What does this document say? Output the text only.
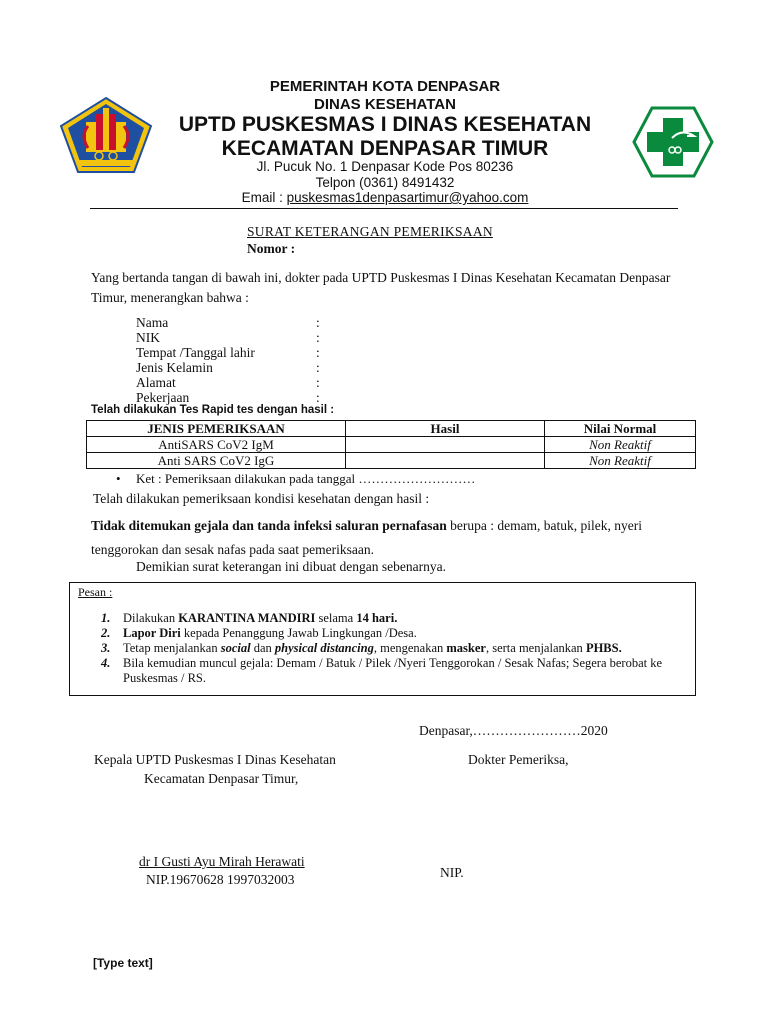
PEMERINTAH KOTA DENPASAR
DINAS KESEHATAN
UPTD PUSKESMAS I DINAS KESEHATAN
KECAMATAN DENPASAR TIMUR
Jl. Pucuk No. 1 Denpasar Kode Pos 80236
Telpon (0361) 8491432
Email : puskesmas1denpasartimur@yahoo.com
SURAT KETERANGAN PEMERIKSAAN
Nomor :
Yang bertanda tangan di bawah ini, dokter pada UPTD Puskesmas I Dinas Kesehatan Kecamatan Denpasar Timur, menerangkan bahwa :
Nama	:
NIK	:
Tempat /Tanggal lahir	:
Jenis Kelamin	:
Alamat	:
Pekerjaan	:
Telah dilakukan Tes Rapid tes dengan hasil :
JENIS PEMERIKSAAN	Hasil	Nilai Normal
AntiSARS CoV2 IgM		Non Reaktif
Anti SARS CoV2 IgG		Non Reaktif
• Ket : Pemeriksaan dilakukan pada tanggal ………………………
Telah dilakukan pemeriksaan kondisi kesehatan dengan hasil :
Tidak ditemukan gejala dan tanda infeksi saluran pernafasan berupa : demam, batuk, pilek, nyeri tenggorokan dan sesak nafas pada saat pemeriksaan.
Demikian surat keterangan ini dibuat dengan sebenarnya.
Pesan :
1. Dilakukan KARANTINA MANDIRI selama 14 hari.
2. Lapor Diri kepada Penanggung Jawab Lingkungan /Desa.
3. Tetap menjalankan social dan physical distancing, mengenakan masker, serta menjalankan PHBS.
4. Bila kemudian muncul gejala: Demam / Batuk / Pilek /Nyeri Tenggorokan / Sesak Nafas; Segera berobat ke Puskesmas / RS.
Denpasar,……………………2020
Kepala UPTD Puskesmas I Dinas Kesehatan
Kecamatan Denpasar Timur,
Dokter Pemeriksa,
dr I Gusti Ayu Mirah Herawati
NIP.19670628 1997032003	NIP.
[Type text]
